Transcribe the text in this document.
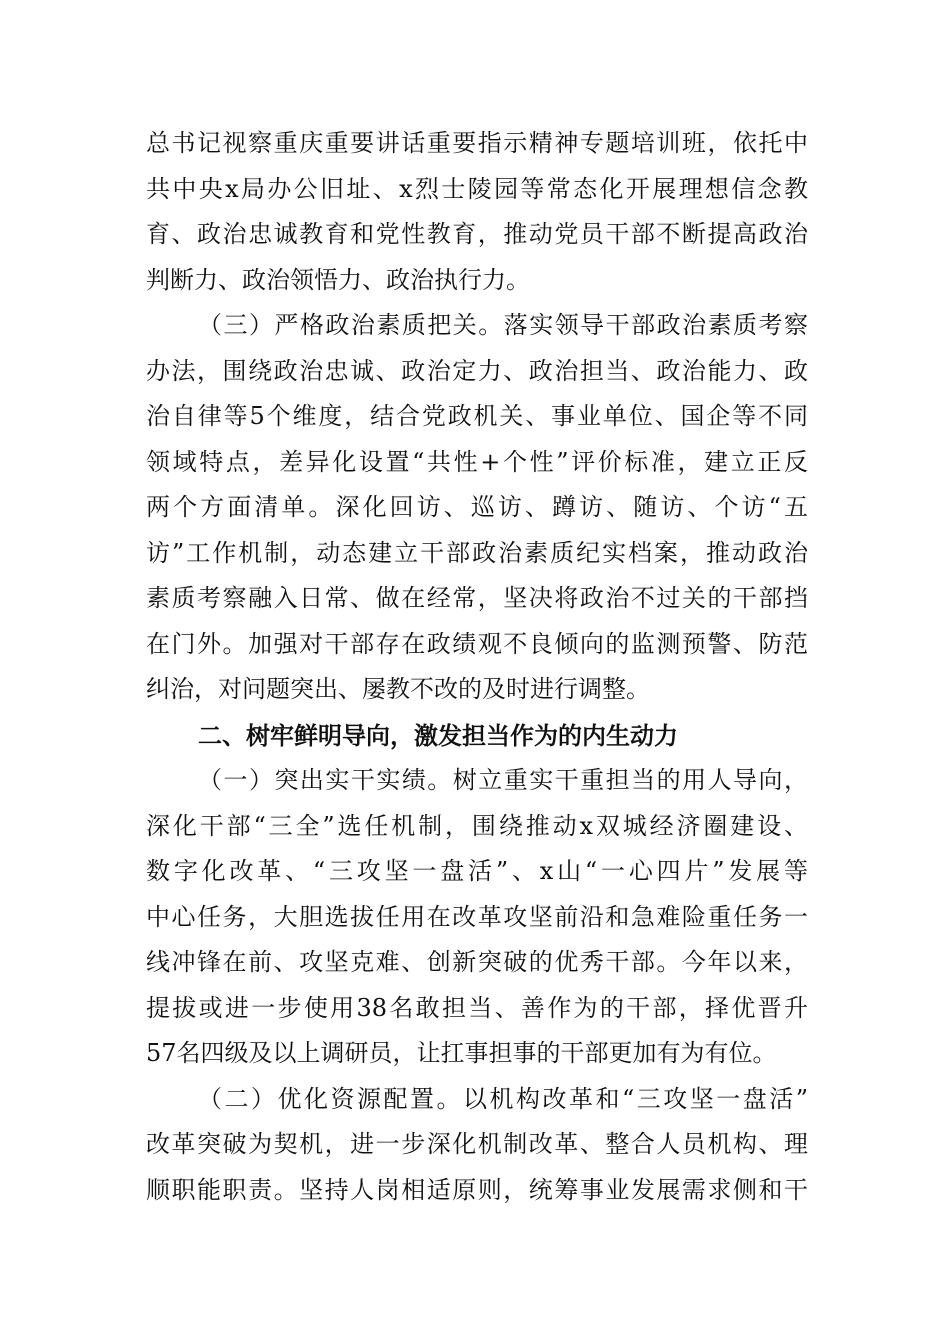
总书记视察重庆重要讲话重要指示精神专题培训班，依托中
共中央x局办公旧址、x烈士陵园等常态化开展理想信念教
育、政治忠诚教育和党性教育，推动党员干部不断提高政治
判断力、政治领悟力、政治执行力。
（三）严格政治素质把关。落实领导干部政治素质考察
办法，围绕政治忠诚、政治定力、政治担当、政治能力、政
治自律等5个维度，结合党政机关、事业单位、国企等不同
领域特点，差异化设置“共性+个性”评价标准，建立正反
两个方面清单。深化回访、巡访、蹲访、随访、个访“五
访”工作机制，动态建立干部政治素质纪实档案，推动政治
素质考察融入日常、做在经常，坚决将政治不过关的干部挡
在门外。加强对干部存在政绩观不良倾向的监测预警、防范
纠治，对问题突出、屡教不改的及时进行调整。
二、树牢鲜明导向，激发担当作为的内生动力
（一）突出实干实绩。树立重实干重担当的用人导向，
深化干部“三全”选任机制，围绕推动x双城经济圈建设、
数字化改革、“三攻坚一盘活”、x山“一心四片”发展等
中心任务，大胆选拔任用在改革攻坚前沿和急难险重任务一
线冲锋在前、攻坚克难、创新突破的优秀干部。今年以来，
提拔或进一步使用38名敢担当、善作为的干部，择优晋升
57名四级及以上调研员，让扛事担事的干部更加有为有位。
（二）优化资源配置。以机构改革和“三攻坚一盘活”
改革突破为契机，进一步深化机制改革、整合人员机构、理
顺职能职责。坚持人岗相适原则，统筹事业发展需求侧和干
